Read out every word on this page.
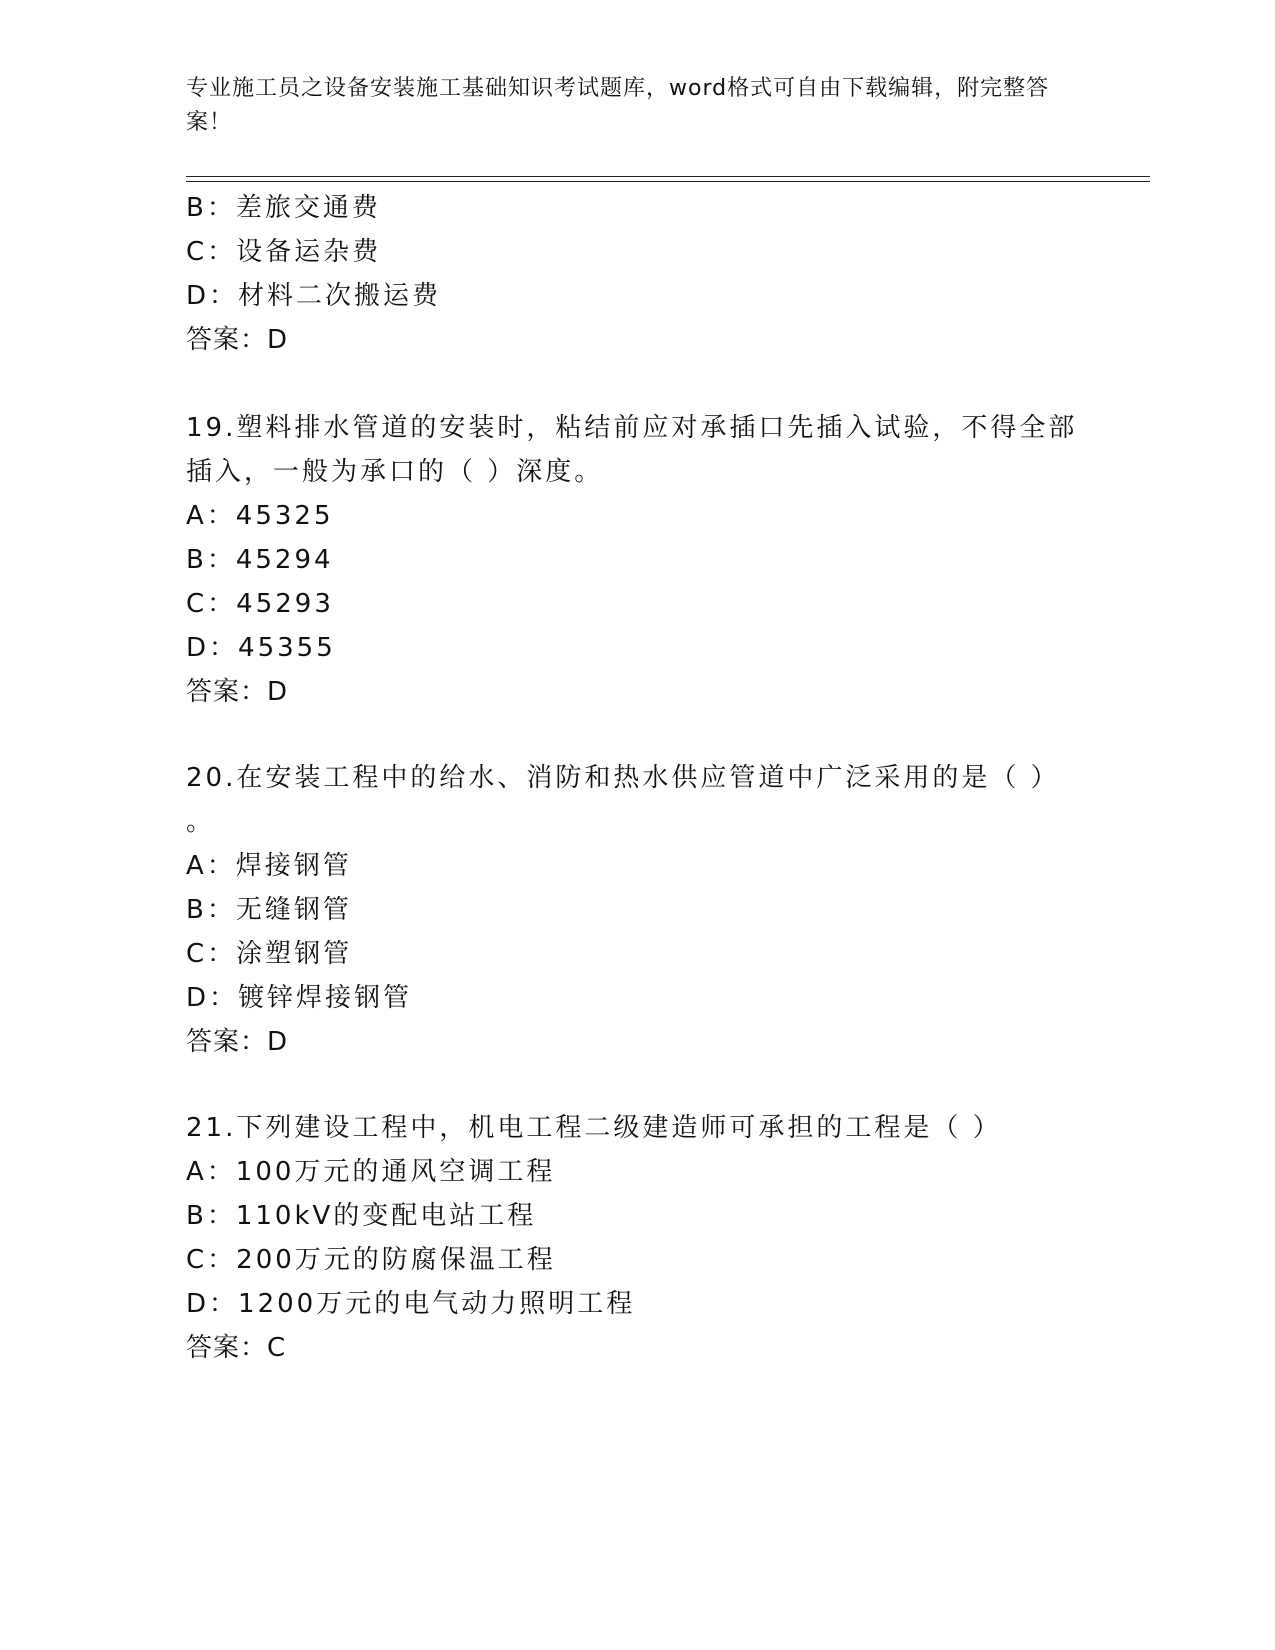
专业施工员之设备安装施工基础知识考试题库，word格式可自由下载编辑，附完整答案！
B：差旅交通费
C：设备运杂费
D：材料二次搬运费
答案：D
19.塑料排水管道的安装时，粘结前应对承插口先插入试验，不得全部
插入，一般为承口的（ ）深度。
A：45325
B：45294
C：45293
D：45355
答案：D
20.在安装工程中的给水、消防和热水供应管道中广泛采用的是（ ）
。
A：焊接钢管
B：无缝钢管
C：涂塑钢管
D：镀锌焊接钢管
答案：D
21.下列建设工程中，机电工程二级建造师可承担的工程是（ ）
A：100万元的通风空调工程
B：110kV的变配电站工程
C：200万元的防腐保温工程
D：1200万元的电气动力照明工程
答案：C
